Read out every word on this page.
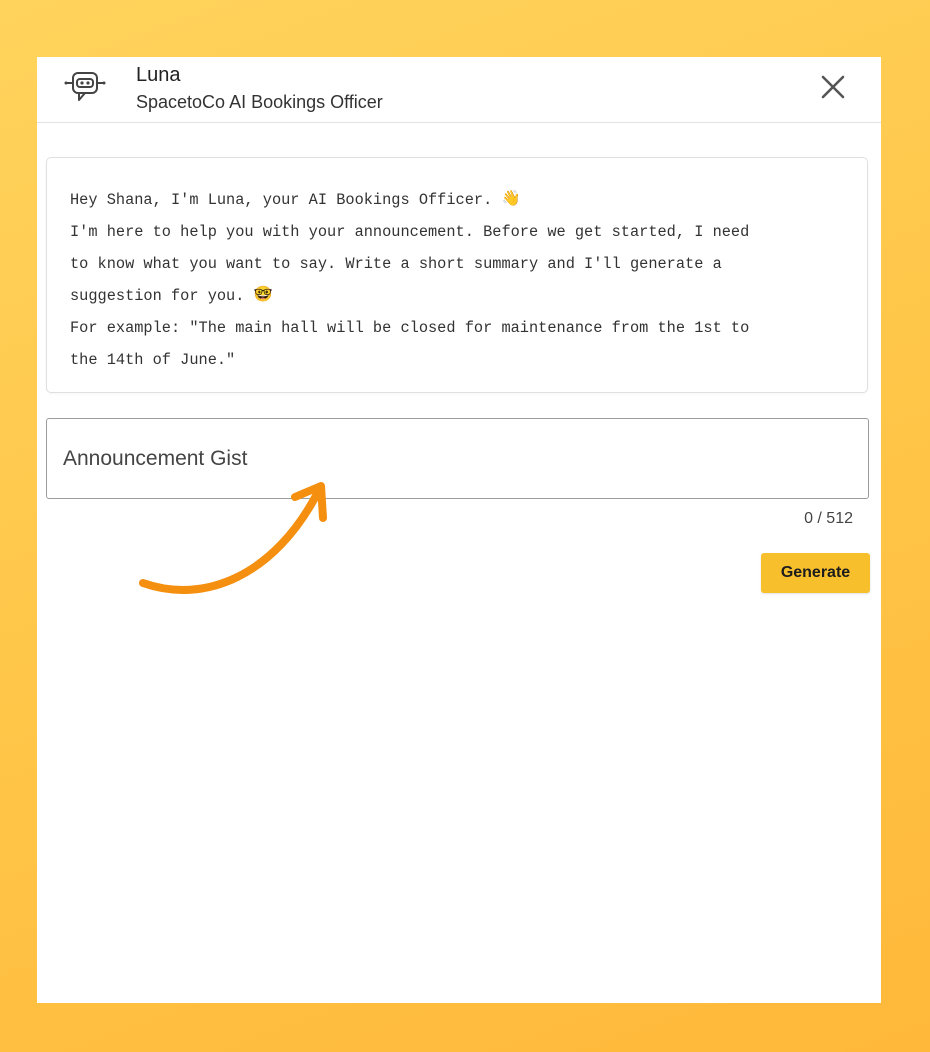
Luna
SpacetoCo AI Bookings Officer
Hey Shana, I'm Luna, your AI Bookings Officer. 👋
I'm here to help you with your announcement. Before we get started, I need
to know what you want to say. Write a short summary and I'll generate a
suggestion for you. 🤓
For example: "The main hall will be closed for maintenance from the 1st to
the 14th of June."
Announcement Gist
0 / 512
Generate
